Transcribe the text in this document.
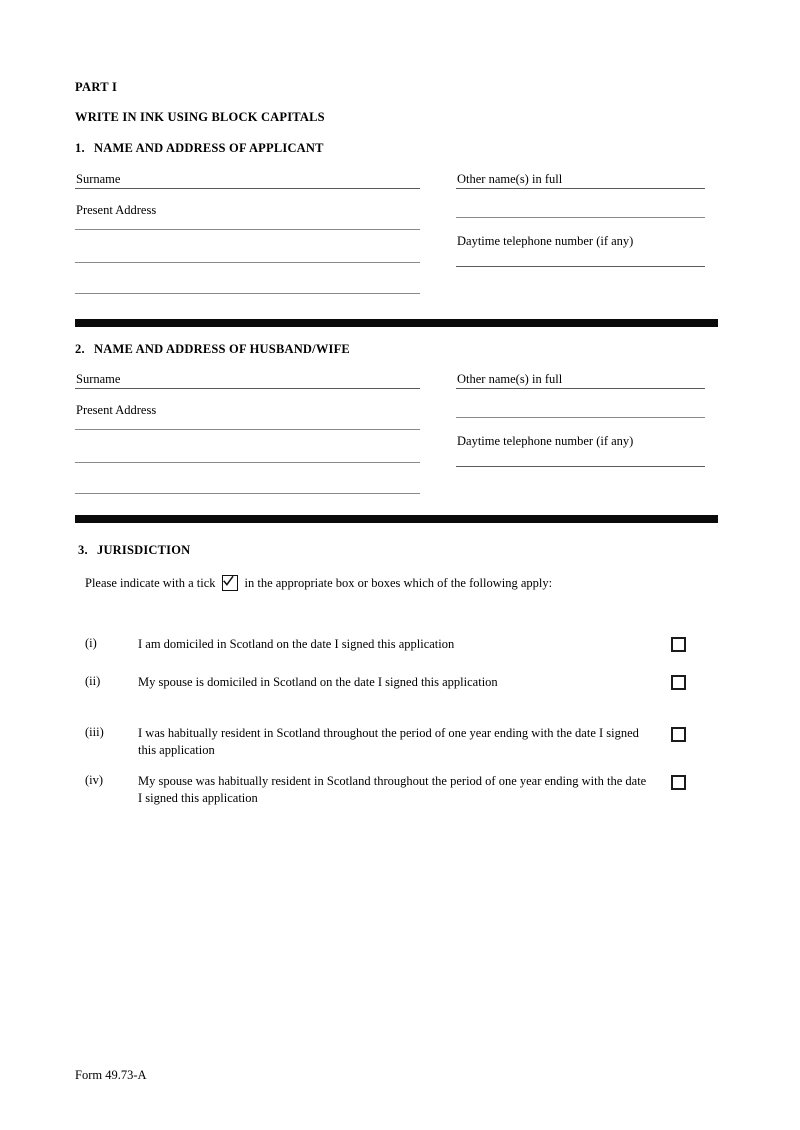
PART I
WRITE IN INK USING BLOCK CAPITALS
1. NAME AND ADDRESS OF APPLICANT
Surname
Present Address
Other name(s) in full
Daytime telephone number (if any)
2. NAME AND ADDRESS OF HUSBAND/WIFE
Surname
Present Address
Other name(s) in full
Daytime telephone number (if any)
3. JURISDICTION
Please indicate with a tick in the appropriate box or boxes which of the following apply:
(i)	I am domiciled in Scotland on the date I signed this application
(ii)	My spouse is domiciled in Scotland on the date I signed this application
(iii)	I was habitually resident in Scotland throughout the period of one year ending with the date I signed this application
(iv)	My spouse was habitually resident in Scotland throughout the period of one year ending with the date I signed this application
Form 49.73-A
